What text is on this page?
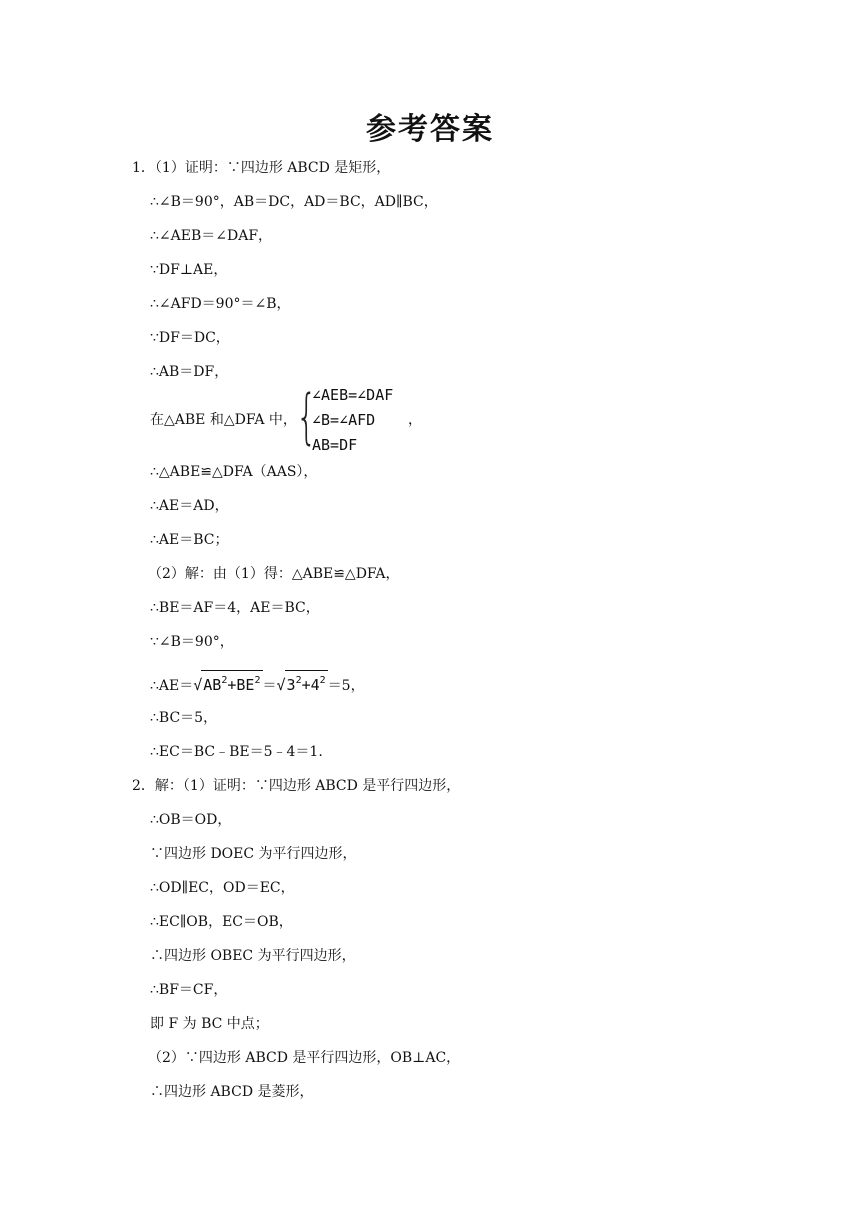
参考答案
1．（1）证明：∵四边形 ABCD 是矩形，
∴∠B＝90°，AB＝DC，AD＝BC，AD∥BC，
∴∠AEB＝∠DAF，
∵DF⊥AE，
∴∠AFD＝90°＝∠B，
∵DF＝DC，
∴AB＝DF，
在△ABE 和△DFA 中， {
∠AEB=∠DAF
∠B=∠AFD
AB=DF
，
∴△ABE≌△DFA（AAS），
∴AE＝AD，
∴AE＝BC；
（2）解：由（1）得：△ABE≌△DFA，
∴BE＝AF＝4，AE＝BC，
∵∠B＝90°，
$\therefore AE=√AB^2+BE^2 =√3^2+4^2 =5$，
∴BC＝5，
∴EC＝BC﹣BE＝5﹣4＝1.
2．解：（1）证明：∵四边形 ABCD 是平行四边形，
∴OB＝OD，
∵四边形 DOEC 为平行四边形，
∴OD∥EC，OD＝EC，
∴EC∥OB，EC＝OB，
∴四边形 OBEC 为平行四边形，
∴BF＝CF，
即 F 为 BC 中点；
（2）∵四边形 ABCD 是平行四边形，OB⊥AC，
∴四边形 ABCD 是菱形，
